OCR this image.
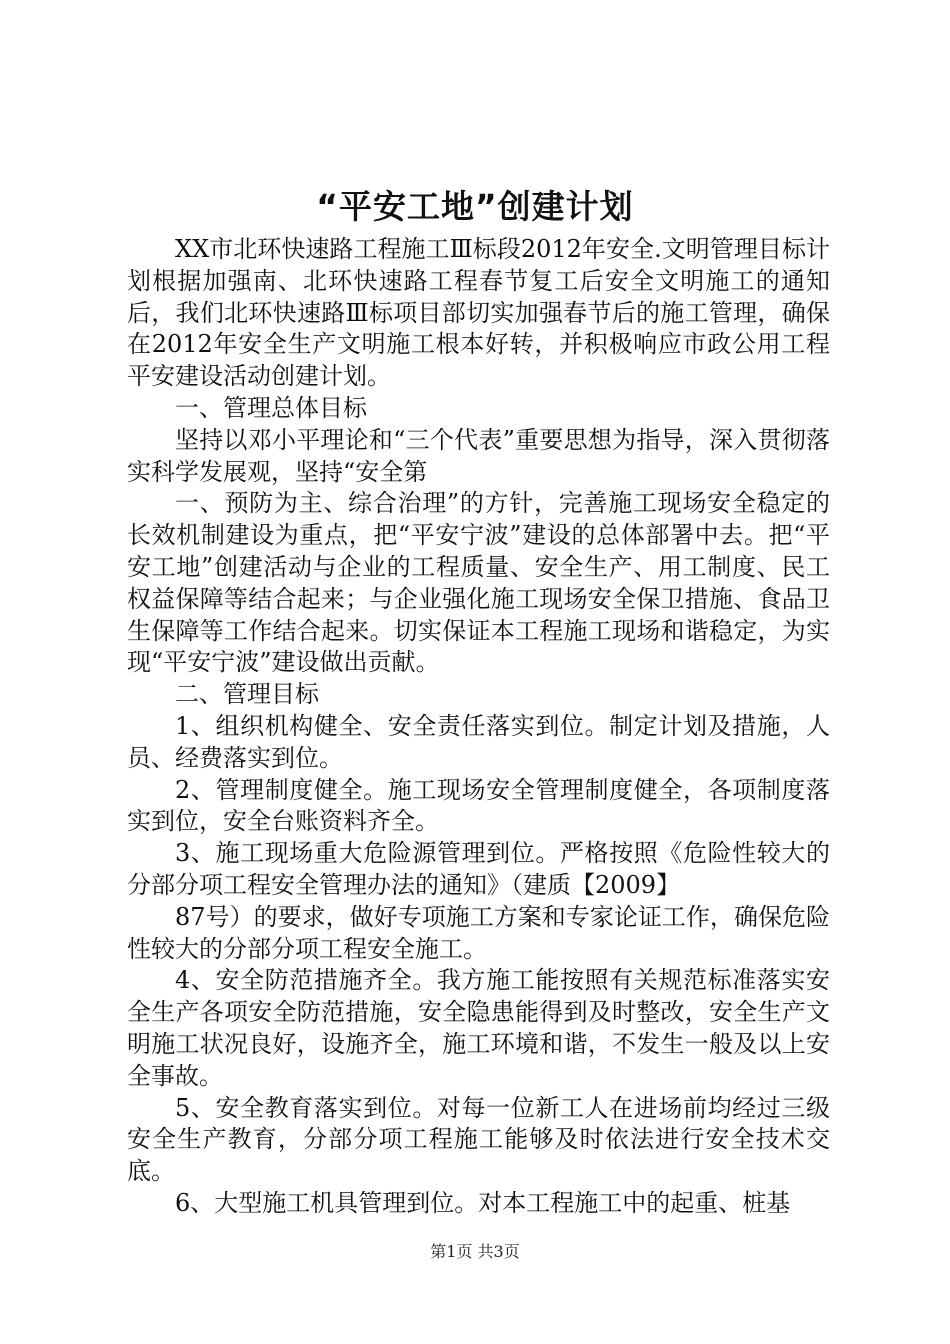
“平安工地”创建计划

XX市北环快速路工程施工Ⅲ标段2012年安全.文明管理目标计划根据加强南、北环快速路工程春节复工后安全文明施工的通知后，我们北环快速路Ⅲ标项目部切实加强春节后的施工管理，确保在2012年安全生产文明施工根本好转，并积极响应市政公用工程平安建设活动创建计划。

一、管理总体目标

坚持以邓小平理论和“三个代表”重要思想为指导，深入贯彻落实科学发展观，坚持“安全第

一、预防为主、综合治理”的方针，完善施工现场安全稳定的长效机制建设为重点，把“平安宁波”建设的总体部署中去。把“平安工地”创建活动与企业的工程质量、安全生产、用工制度、民工权益保障等结合起来；与企业强化施工现场安全保卫措施、食品卫生保障等工作结合起来。切实保证本工程施工现场和谐稳定，为实现“平安宁波”建设做出贡献。

二、管理目标

1、组织机构健全、安全责任落实到位。制定计划及措施，人员、经费落实到位。

2、管理制度健全。施工现场安全管理制度健全，各项制度落实到位，安全台账资料齐全。

3、施工现场重大危险源管理到位。严格按照《危险性较大的分部分项工程安全管理办法的通知》（建质【2009】

87号）的要求，做好专项施工方案和专家论证工作，确保危险性较大的分部分项工程安全施工。

4、安全防范措施齐全。我方施工能按照有关规范标准落实安全生产各项安全防范措施，安全隐患能得到及时整改，安全生产文明施工状况良好，设施齐全，施工环境和谐，不发生一般及以上安全事故。

5、安全教育落实到位。对每一位新工人在进场前均经过三级安全生产教育，分部分项工程施工能够及时依法进行安全技术交底。

6、大型施工机具管理到位。对本工程施工中的起重、桩基

第1页 共3页
